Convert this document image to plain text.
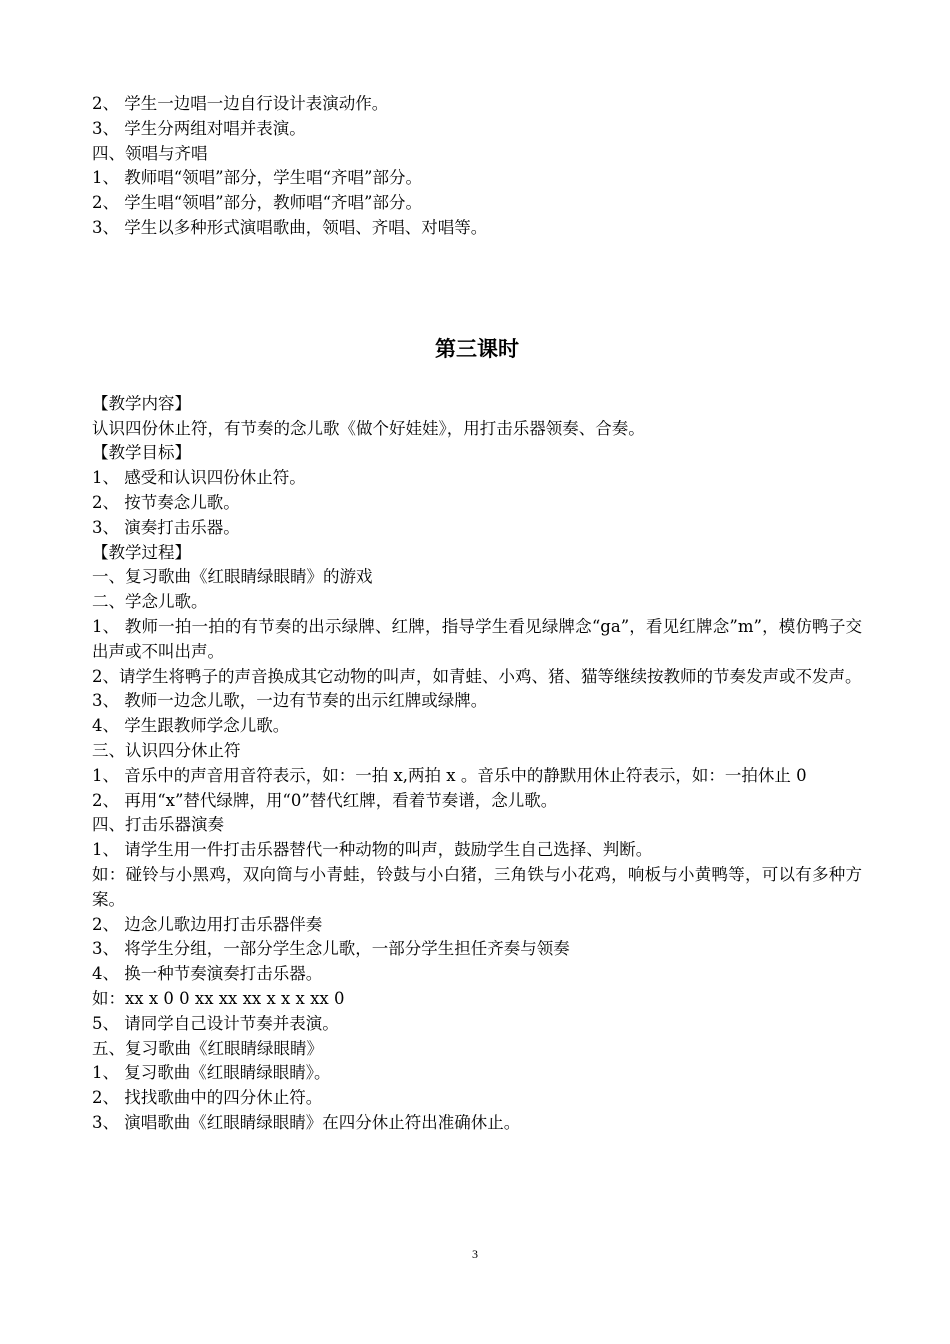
2、 学生一边唱一边自行设计表演动作。
3、 学生分两组对唱并表演。
四、领唱与齐唱
1、 教师唱“领唱”部分，学生唱“齐唱”部分。
2、 学生唱“领唱”部分，教师唱“齐唱”部分。
3、 学生以多种形式演唱歌曲，领唱、齐唱、对唱等。
第三课时
【教学内容】
认识四份休止符，有节奏的念儿歌《做个好娃娃》，用打击乐器领奏、合奏。
【教学目标】
1、 感受和认识四份休止符。
2、 按节奏念儿歌。
3、 演奏打击乐器。
【教学过程】
一、复习歌曲《红眼睛绿眼睛》的游戏
二、学念儿歌。
1、 教师一拍一拍的有节奏的出示绿牌、红牌，指导学生看见绿牌念“ga”，看见红牌念”m”，模仿鸭子交出声或不叫出声。
2、请学生将鸭子的声音换成其它动物的叫声，如青蛙、小鸡、猪、猫等继续按教师的节奏发声或不发声。
3、 教师一边念儿歌，一边有节奏的出示红牌或绿牌。
4、 学生跟教师学念儿歌。
三、认识四分休止符
1、 音乐中的声音用音符表示，如：一拍 x,两拍 x 。音乐中的静默用休止符表示，如：一拍休止 0
2、 再用“x”替代绿牌，用“0”替代红牌，看着节奏谱，念儿歌。
四、打击乐器演奏
1、 请学生用一件打击乐器替代一种动物的叫声，鼓励学生自己选择、判断。
如：碰铃与小黑鸡，双向筒与小青蛙，铃鼓与小白猪，三角铁与小花鸡，响板与小黄鸭等，可以有多种方案。
2、 边念儿歌边用打击乐器伴奏
3、 将学生分组，一部分学生念儿歌，一部分学生担任齐奏与领奏
4、 换一种节奏演奏打击乐器。
如：xx x 0 0 xx xx xx x x x xx 0
5、 请同学自己设计节奏并表演。
五、复习歌曲《红眼睛绿眼睛》
1、 复习歌曲《红眼睛绿眼睛》。
2、 找找歌曲中的四分休止符。
3、 演唱歌曲《红眼睛绿眼睛》在四分休止符出准确休止。
3
